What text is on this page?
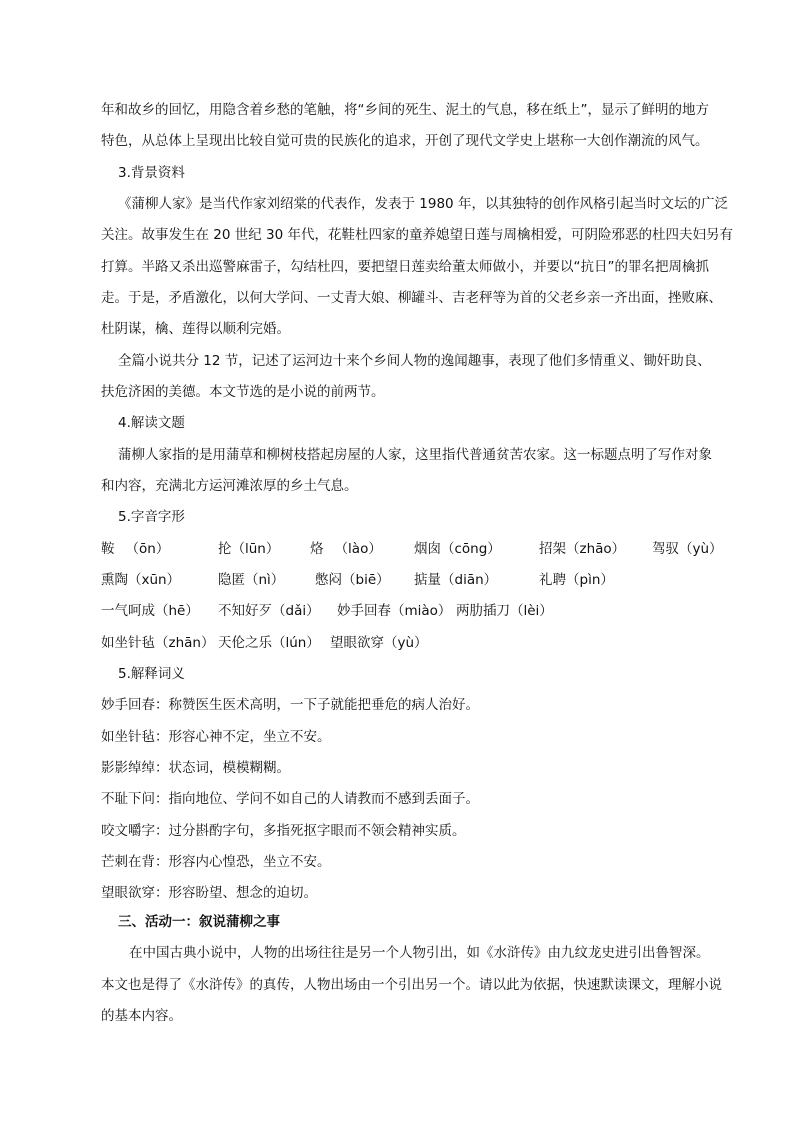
年和故乡的回忆，用隐含着乡愁的笔触，将“乡间的死生、泥土的气息，移在纸上”，显示了鲜明的地方
特色，从总体上呈现出比较自觉可贵的民族化的追求，开创了现代文学史上堪称一大创作潮流的风气。
3.背景资料
《蒲柳人家》是当代作家刘绍棠的代表作，发表于 1980 年，以其独特的创作风格引起当时文坛的广泛
关注。故事发生在 20 世纪 30 年代，花鞋杜四家的童养媳望日莲与周檎相爱，可阴险邪恶的杜四夫妇另有
打算。半路又杀出巡警麻雷子，勾结杜四，要把望日莲卖给董太师做小，并要以“抗日”的罪名把周檎抓
走。于是，矛盾激化，以何大学问、一丈青大娘、柳罐斗、吉老秤等为首的父老乡亲一齐出面，挫败麻、
杜阴谋，檎、莲得以顺利完婚。
全篇小说共分 12 节，记述了运河边十来个乡间人物的逸闻趣事，表现了他们多情重义、锄奸助良、
扶危济困的美德。本文节选的是小说的前两节。
4.解读文题
蒲柳人家指的是用蒲草和柳树枝搭起房屋的人家，这里指代普通贫苦农家。这一标题点明了写作对象
和内容，充满北方运河滩浓厚的乡土气息。
5.字音字形
鞍 　（ōn）	抡（lūn） 烙 　（lào） 烟囱（cōng）	招架（zhāo） 驾驭（yù）
熏陶（xūn）	隐匿（nì） 憋闷（biē） 掂量（diān）	礼聘（pìn）
一气呵成（hē） 不知好歹（dǎi） 妙手回春（miào） 两肋插刀（lèi）
如坐针毡（zhān） 天伦之乐（lún） 望眼欲穿（yù）
5.解释词义
妙手回春：称赞医生医术高明，一下子就能把垂危的病人治好。
如坐针毡：形容心神不定，坐立不安。
影影绰绰：状态词，模模糊糊。
不耻下问：指向地位、学问不如自己的人请教而不感到丢面子。
咬文嚼字：过分斟酌字句，多指死抠字眼而不领会精神实质。
芒刺在背：形容内心惶恐，坐立不安。
望眼欲穿：形容盼望、想念的迫切。
三、活动一：叙说蒲柳之事
在中国古典小说中，人物的出场往往是另一个人物引出，如《水浒传》由九纹龙史进引出鲁智深。
本文也是得了《水浒传》的真传，人物出场由一个引出另一个。请以此为依据，快速默读课文，理解小说
的基本内容。
